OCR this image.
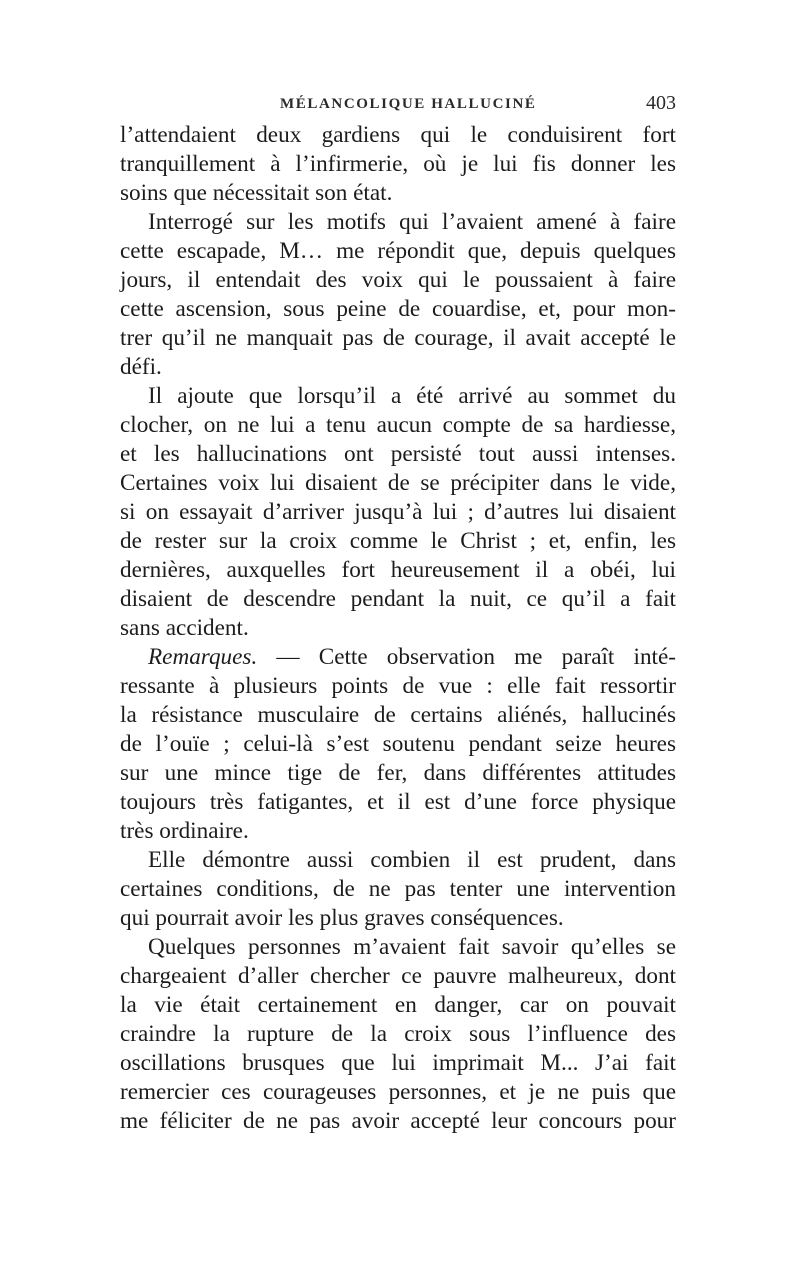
MÉLANCOLIQUE HALLUCINÉ	403
l’attendaient deux gardiens qui le conduisirent fort
tranquillement à l’infirmerie, où je lui fis donner les
soins que nécessitait son état.
Interrogé sur les motifs qui l’avaient amené à faire
cette escapade, M… me répondit que, depuis quelques
jours, il entendait des voix qui le poussaient à faire
cette ascension, sous peine de couardise, et, pour mon-
trer qu’il ne manquait pas de courage, il avait accepté le
défi.
Il ajoute que lorsqu’il a été arrivé au sommet du
clocher, on ne lui a tenu aucun compte de sa hardiesse,
et les hallucinations ont persisté tout aussi intenses.
Certaines voix lui disaient de se précipiter dans le vide,
si on essayait d’arriver jusqu’à lui ; d’autres lui disaient
de rester sur la croix comme le Christ ; et, enfin, les
dernières, auxquelles fort heureusement il a obéi, lui
disaient de descendre pendant la nuit, ce qu’il a fait
sans accident.
Remarques. — Cette observation me paraît inté-
ressante à plusieurs points de vue : elle fait ressortir
la résistance musculaire de certains aliénés, hallucinés
de l’ouïe ; celui-là s’est soutenu pendant seize heures
sur une mince tige de fer, dans différentes attitudes
toujours très fatigantes, et il est d’une force physique
très ordinaire.
Elle démontre aussi combien il est prudent, dans
certaines conditions, de ne pas tenter une intervention
qui pourrait avoir les plus graves conséquences.
Quelques personnes m’avaient fait savoir qu’elles se
chargeaient d’aller chercher ce pauvre malheureux, dont
la vie était certainement en danger, car on pouvait
craindre la rupture de la croix sous l’influence des
oscillations brusques que lui imprimait M... J’ai fait
remercier ces courageuses personnes, et je ne puis que
me féliciter de ne pas avoir accepté leur concours pour
